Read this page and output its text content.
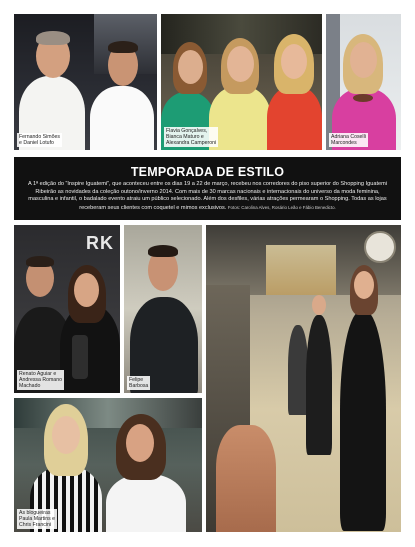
Fernando Simões
e Daniel Lotufo
Flavia Gonçalves,
Bianca Maturo e
Alexandra Camperoni
Adriana Coselli
Marcondes
TEMPORADA DE ESTILO

A 1ª edição do “Inspire Iguatemi”, que aconteceu entre os dias 19 a 22 de março, recebeu nos corredores do piso superior do Shopping Iguatemi Ribeirão as novidades da coleção outono/inverno 2014. Com mais de 30 marcas nacionais e internacionais do universo da moda feminina, masculina e infantil, o badalado evento atraiu um público selecionado. Além dos desfiles, várias atrações permearam o Shopping. Todas as lojas receberam seus clientes com coquetel e mimos exclusivos. Fotos: Carolina Alves, Rosário Leão e Fábio Benedicto.

RK
Renato Aguiar e
Andressa Romano
Machado
Felipe
Barbosa
As blogueiras
Paula Martins e
Chris Francini
